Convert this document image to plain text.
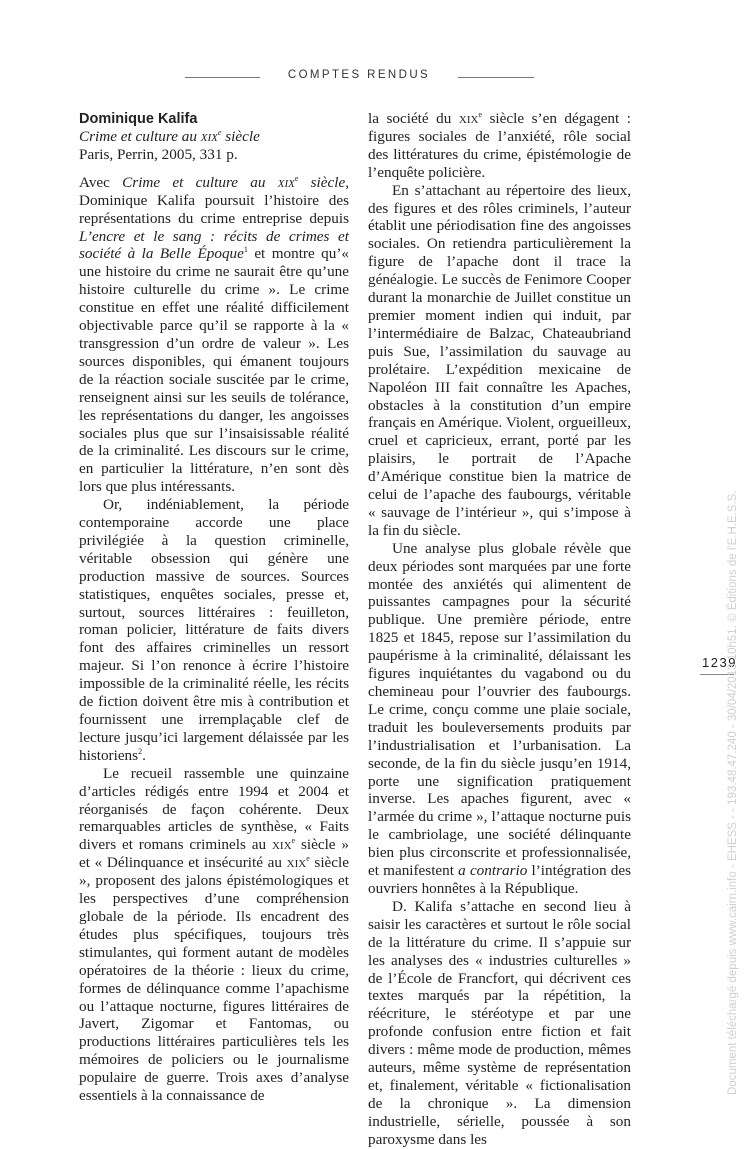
COMPTES RENDUS
Dominique Kalifa
Crime et culture au xix$^e$ siècle
Paris, Perrin, 2005, 331 p.

Avec Crime et culture au xix$^e$ siècle, Dominique Kalifa poursuit l’histoire des représentations du crime entreprise depuis L’encre et le sang : récits de crimes et société à la Belle Époque$^1$ et montre qu’« une histoire du crime ne saurait être qu’une histoire culturelle du crime ». Le crime constitue en effet une réalité difficilement objectivable parce qu’il se rapporte à la « transgression d’un ordre de valeur ». Les sources disponibles, qui émanent toujours de la réaction sociale suscitée par le crime, renseignent ainsi sur les seuils de tolérance, les représentations du danger, les angoisses sociales plus que sur l’insaisissable réalité de la criminalité. Les discours sur le crime, en particulier la littérature, n’en sont dès lors que plus intéressants.

Or, indéniablement, la période contemporaine accorde une place privilégiée à la question criminelle, véritable obsession qui génère une production massive de sources. Sources statistiques, enquêtes sociales, presse et, surtout, sources littéraires : feuilleton, roman policier, littérature de faits divers font des affaires criminelles un ressort majeur. Si l’on renonce à écrire l’histoire impossible de la criminalité réelle, les récits de fiction doivent être mis à contribution et fournissent une irremplaçable clef de lecture jusqu’ici largement délaissée par les historiens$^2$.

Le recueil rassemble une quinzaine d’articles rédigés entre 1994 et 2004 et réorganisés de façon cohérente. Deux remarquables articles de synthèse, « Faits divers et romans criminels au xix$^e$ siècle » et « Délinquance et insécurité au xix$^e$ siècle », proposent des jalons épistémologiques et les perspectives d’une compréhension globale de la période. Ils encadrent des études plus spécifiques, toujours très stimulantes, qui forment autant de modèles opératoires de la théorie : lieux du crime, formes de délinquance comme l’apachisme ou l’attaque nocturne, figures littéraires de Javert, Zigomar et Fantomas, ou productions littéraires particulières tels les mémoires de policiers ou le journalisme populaire de guerre. Trois axes d’analyse essentiels à la connaissance de

la société du xix$^e$ siècle s’en dégagent : figures sociales de l’anxiété, rôle social des littératures du crime, épistémologie de l’enquête policière.

En s’attachant au répertoire des lieux, des figures et des rôles criminels, l’auteur établit une périodisation fine des angoisses sociales. On retiendra particulièrement la figure de l’apache dont il trace la généalogie. Le succès de Fenimore Cooper durant la monarchie de Juillet constitue un premier moment indien qui induit, par l’intermédiaire de Balzac, Chateaubriand puis Sue, l’assimilation du sauvage au prolétaire. L’expédition mexicaine de Napoléon III fait connaître les Apaches, obstacles à la constitution d’un empire français en Amérique. Violent, orgueilleux, cruel et capricieux, errant, porté par les plaisirs, le portrait de l’Apache d’Amérique constitue bien la matrice de celui de l’apache des faubourgs, véritable « sauvage de l’intérieur », qui s’impose à la fin du siècle.

Une analyse plus globale révèle que deux périodes sont marquées par une forte montée des anxiétés qui alimentent de puissantes campagnes pour la sécurité publique. Une première période, entre 1825 et 1845, repose sur l’assimilation du paupérisme à la criminalité, délaissant les figures inquiétantes du vagabond ou du chemineau pour l’ouvrier des faubourgs. Le crime, conçu comme une plaie sociale, traduit les bouleversements produits par l’industrialisation et l’urbanisation. La seconde, de la fin du siècle jusqu’en 1914, porte une signification pratiquement inverse. Les apaches figurent, avec « l’armée du crime », l’attaque nocturne puis le cambriolage, une société délinquante bien plus circonscrite et professionnalisée, et manifestent a contrario l’intégration des ouvriers honnêtes à la République.

D. Kalifa s’attache en second lieu à saisir les caractères et surtout le rôle social de la littérature du crime. Il s’appuie sur les analyses des « industries culturelles » de l’École de Francfort, qui décrivent ces textes marqués par la répétition, la réécriture, le stéréotype et par une profonde confusion entre fiction et fait divers : même mode de production, mêmes auteurs, même système de représentation et, finalement, véritable « fictionalisation de la chronique ». La dimension industrielle, sérielle, poussée à son paroxysme dans les

1239
Document téléchargé depuis www.cairn.info - EHESS - - 193.48.47.240 - 30/04/2013 10h51. © Éditions de l'E.H.E.S.S.
